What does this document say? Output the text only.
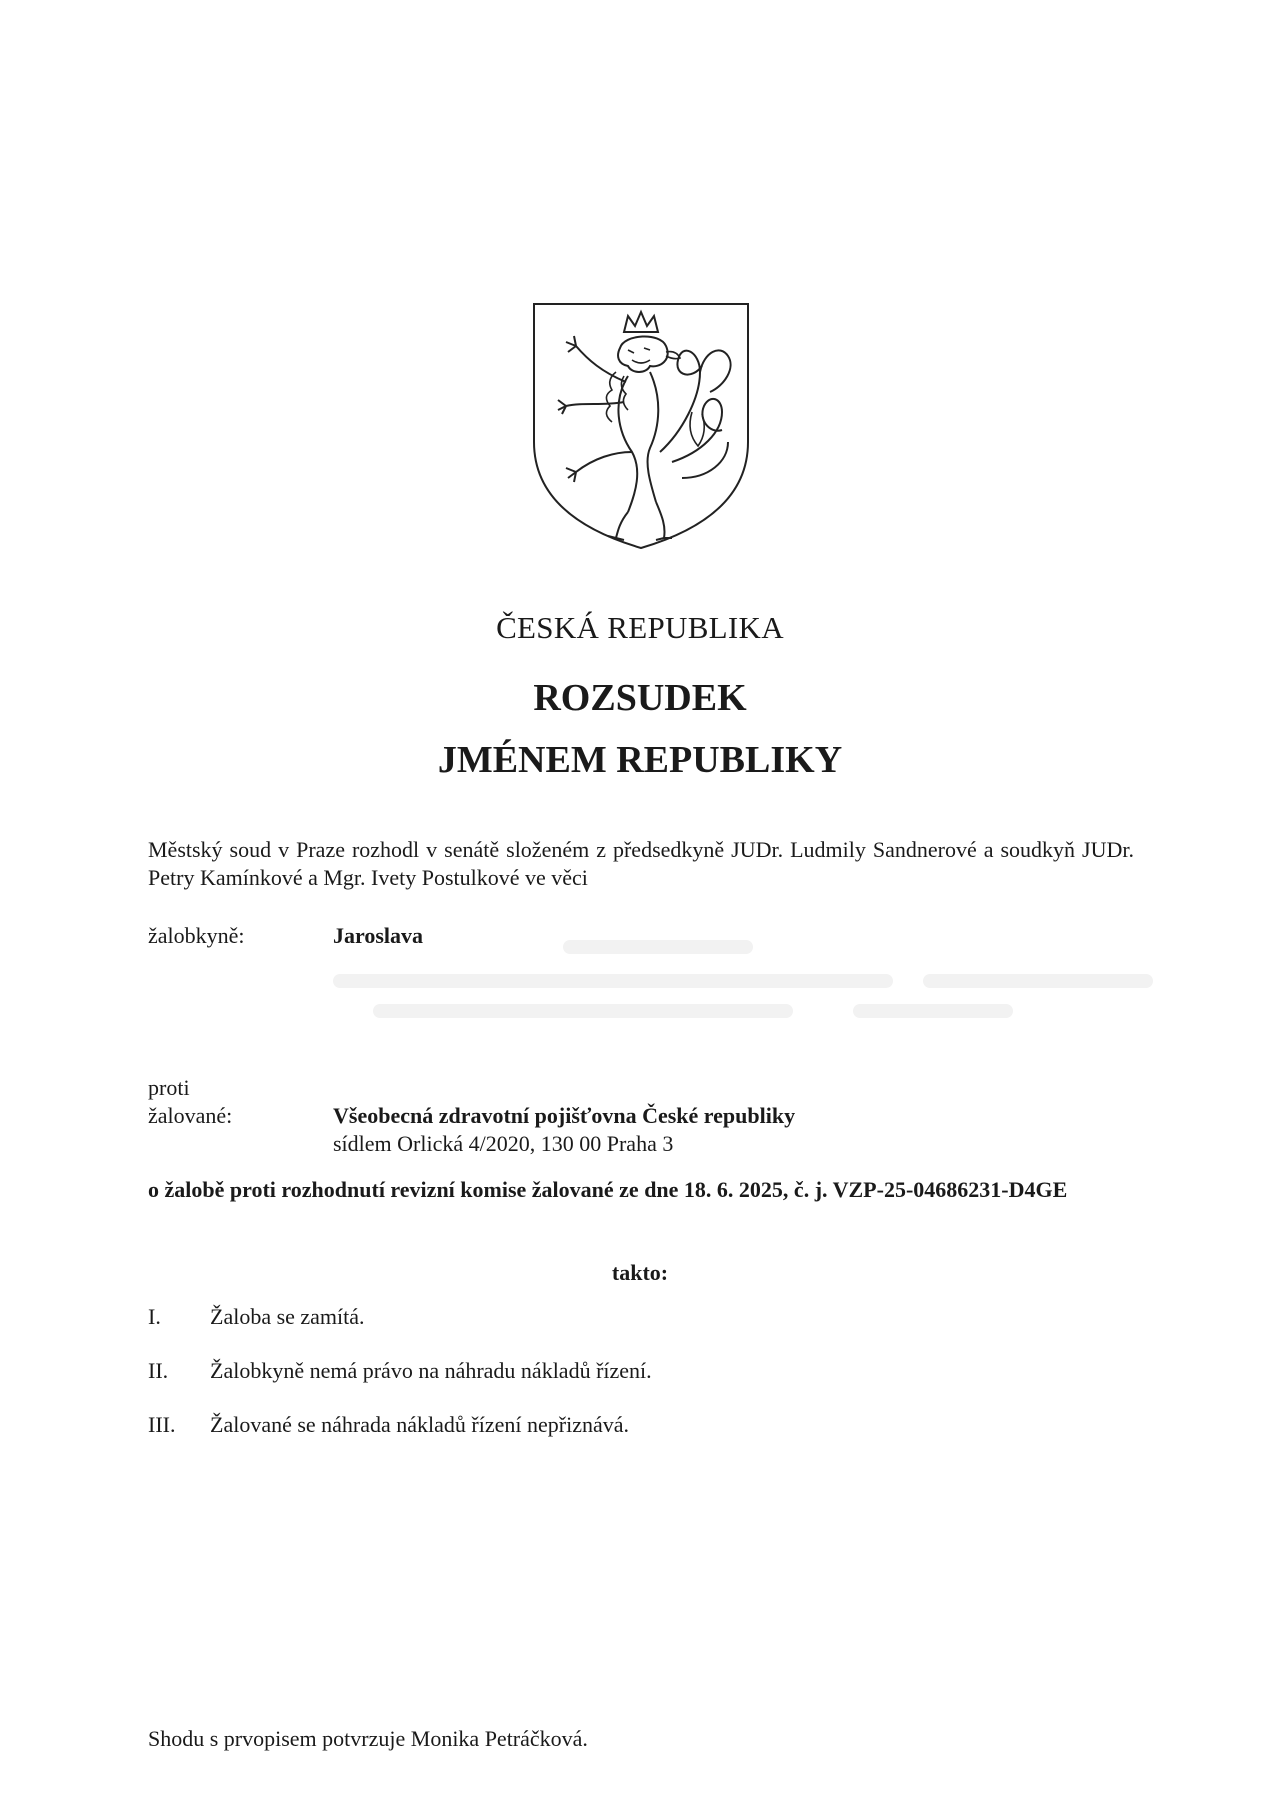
ČESKÁ REPUBLIKA
ROZSUDEK
JMÉNEM REPUBLIKY
Městský soud v Praze rozhodl v senátě složeném z předsedkyně JUDr. Ludmily Sandnerové a soudkyň JUDr. Petry Kamínkové a Mgr. Ivety Postulkové ve věci
žalobkyně:	Jaroslava
proti
žalované:	Všeobecná zdravotní pojišťovna České republiky
sídlem Orlická 4/2020, 130 00 Praha 3
o žalobě proti rozhodnutí revizní komise žalované ze dne 18. 6. 2025, č. j. VZP-25-04686231-D4GE
takto:
I. Žaloba se zamítá.
II. Žalobkyně nemá právo na náhradu nákladů řízení.
III. Žalované se náhrada nákladů řízení nepřiznává.
Shodu s prvopisem potvrzuje Monika Petráčková.
